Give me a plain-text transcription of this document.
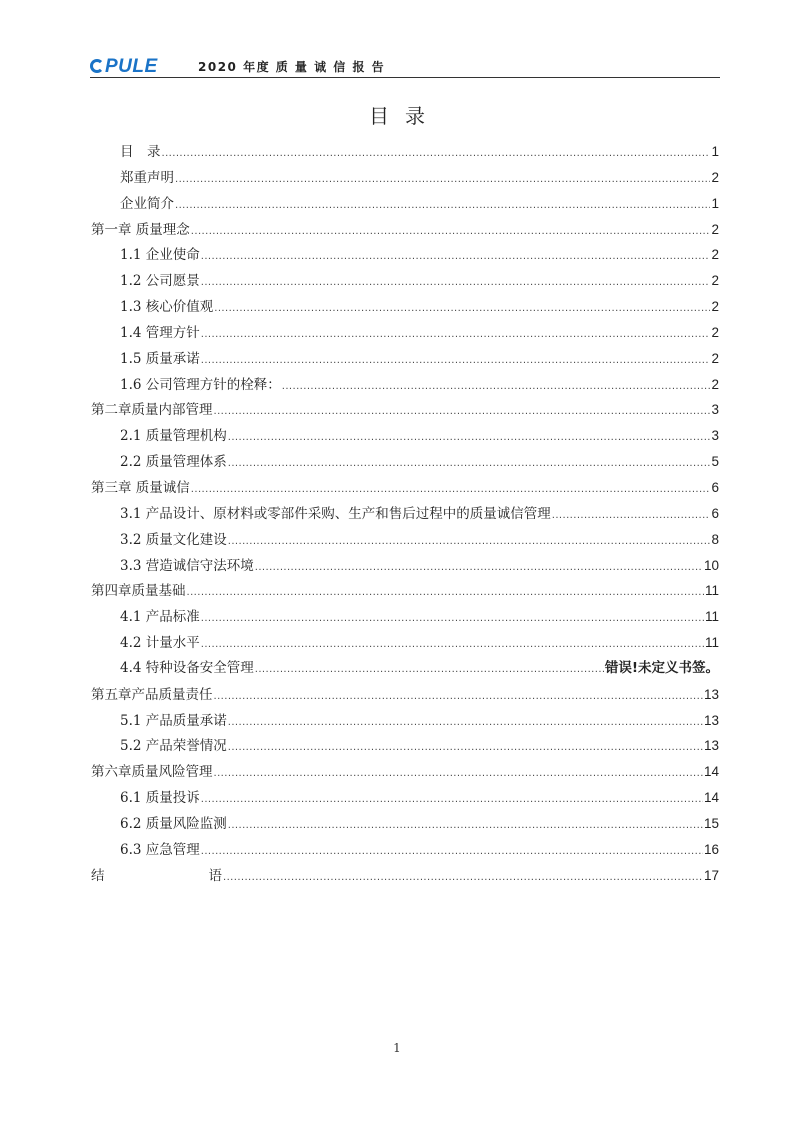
PULE	2020 年度 质 量 诚 信 报 告
目录
目　录 .....	1
郑重声明 .....	2
企业简介 .....	1
第一章 质量理念 .....	2
1.1 企业使命 .....	2
1.2 公司愿景 .....	2
1.3 核心价值观 .....	2
1.4 管理方针 .....	2
1.5 质量承诺 .....	2
1.6 公司管理方针的栓释： .....	2
第二章质量内部管理 .....	3
2.1 质量管理机构 .....	3
2.2 质量管理体系 .....	5
第三章 质量诚信 .....	6
3.1 产品设计、原材料或零部件采购、生产和售后过程中的质量诚信管理 .....	6
3.2 质量文化建设 .....	8
3.3 营造诚信守法环境 .....	10
第四章质量基础 .....	11
4.1 产品标准 .....	11
4.2 计量水平 .....	11
4.4 特种设备安全管理 .....	错误!未定义书签。
第五章产品质量责任 .....	13
5.1 产品质量承诺 .....	13
5.2 产品荣誉情况 .....	13
第六章质量风险管理 .....	14
6.1 质量投诉 .....	14
6.2 质量风险监测 .....	15
6.3 应急管理 .....	16
结	语 .....	17
1
